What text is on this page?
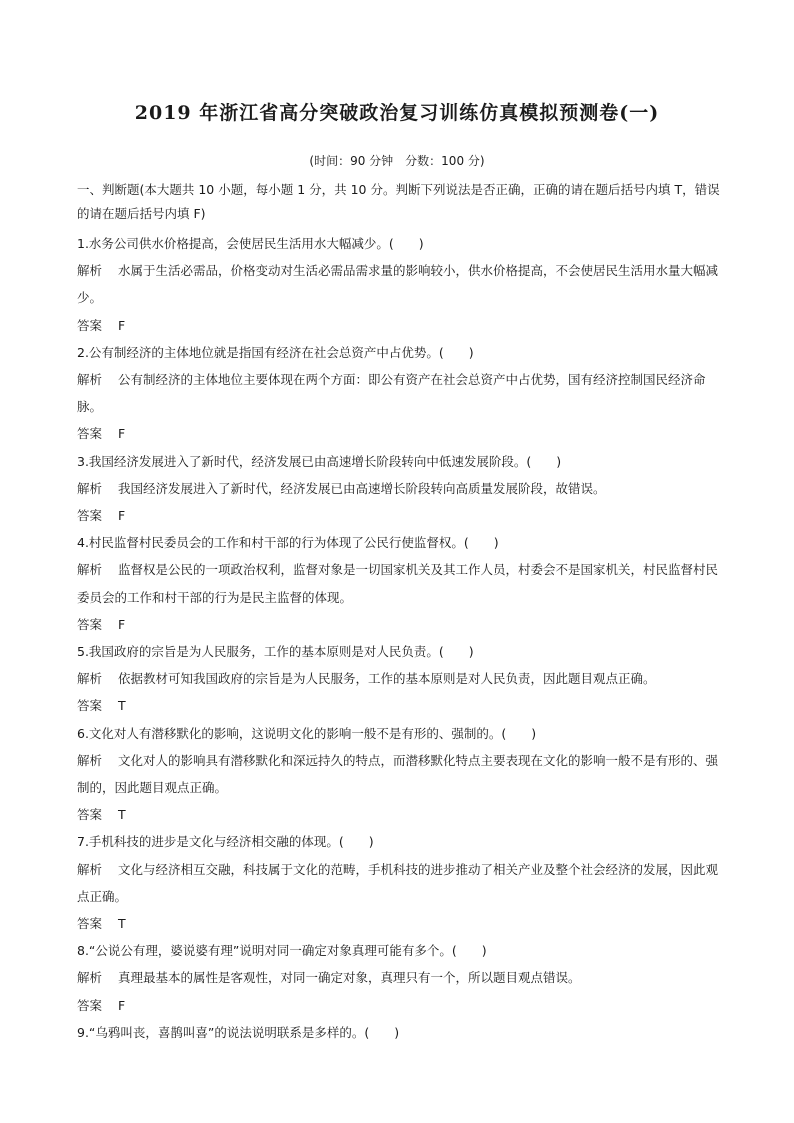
2019 年浙江省高分突破政治复习训练仿真模拟预测卷(一)
(时间：90 分钟　分数：100 分)

一、判断题(本大题共 10 小题，每小题 1 分，共 10 分。判断下列说法是否正确，正确的请在题后括号内填 T，错误的请在题后括号内填 F)

1.水务公司供水价格提高，会使居民生活用水大幅减少。(　　)

解析 水属于生活必需品，价格变动对生活必需品需求量的影响较小，供水价格提高，不会使居民生活用水量大幅减少。

答案 F

2.公有制经济的主体地位就是指国有经济在社会总资产中占优势。(　　)

解析 公有制经济的主体地位主要体现在两个方面：即公有资产在社会总资产中占优势，国有经济控制国民经济命脉。

答案 F

3.我国经济发展进入了新时代，经济发展已由高速增长阶段转向中低速发展阶段。(　　)

解析 我国经济发展进入了新时代，经济发展已由高速增长阶段转向高质量发展阶段，故错误。

答案 F

4.村民监督村民委员会的工作和村干部的行为体现了公民行使监督权。(　　)

解析 监督权是公民的一项政治权利，监督对象是一切国家机关及其工作人员，村委会不是国家机关，村民监督村民委员会的工作和村干部的行为是民主监督的体现。

答案 F

5.我国政府的宗旨是为人民服务，工作的基本原则是对人民负责。(　　)

解析 依据教材可知我国政府的宗旨是为人民服务，工作的基本原则是对人民负责，因此题目观点正确。

答案 T

6.文化对人有潜移默化的影响，这说明文化的影响一般不是有形的、强制的。(　　)

解析 文化对人的影响具有潜移默化和深远持久的特点，而潜移默化特点主要表现在文化的影响一般不是有形的、强制的，因此题目观点正确。

答案 T

7.手机科技的进步是文化与经济相交融的体现。(　　)

解析 文化与经济相互交融，科技属于文化的范畴，手机科技的进步推动了相关产业及整个社会经济的发展，因此观点正确。

答案 T

8.“公说公有理，婆说婆有理”说明对同一确定对象真理可能有多个。(　　)

解析 真理最基本的属性是客观性，对同一确定对象，真理只有一个，所以题目观点错误。

答案 F

9.“乌鸦叫丧，喜鹊叫喜”的说法说明联系是多样的。(　　)
